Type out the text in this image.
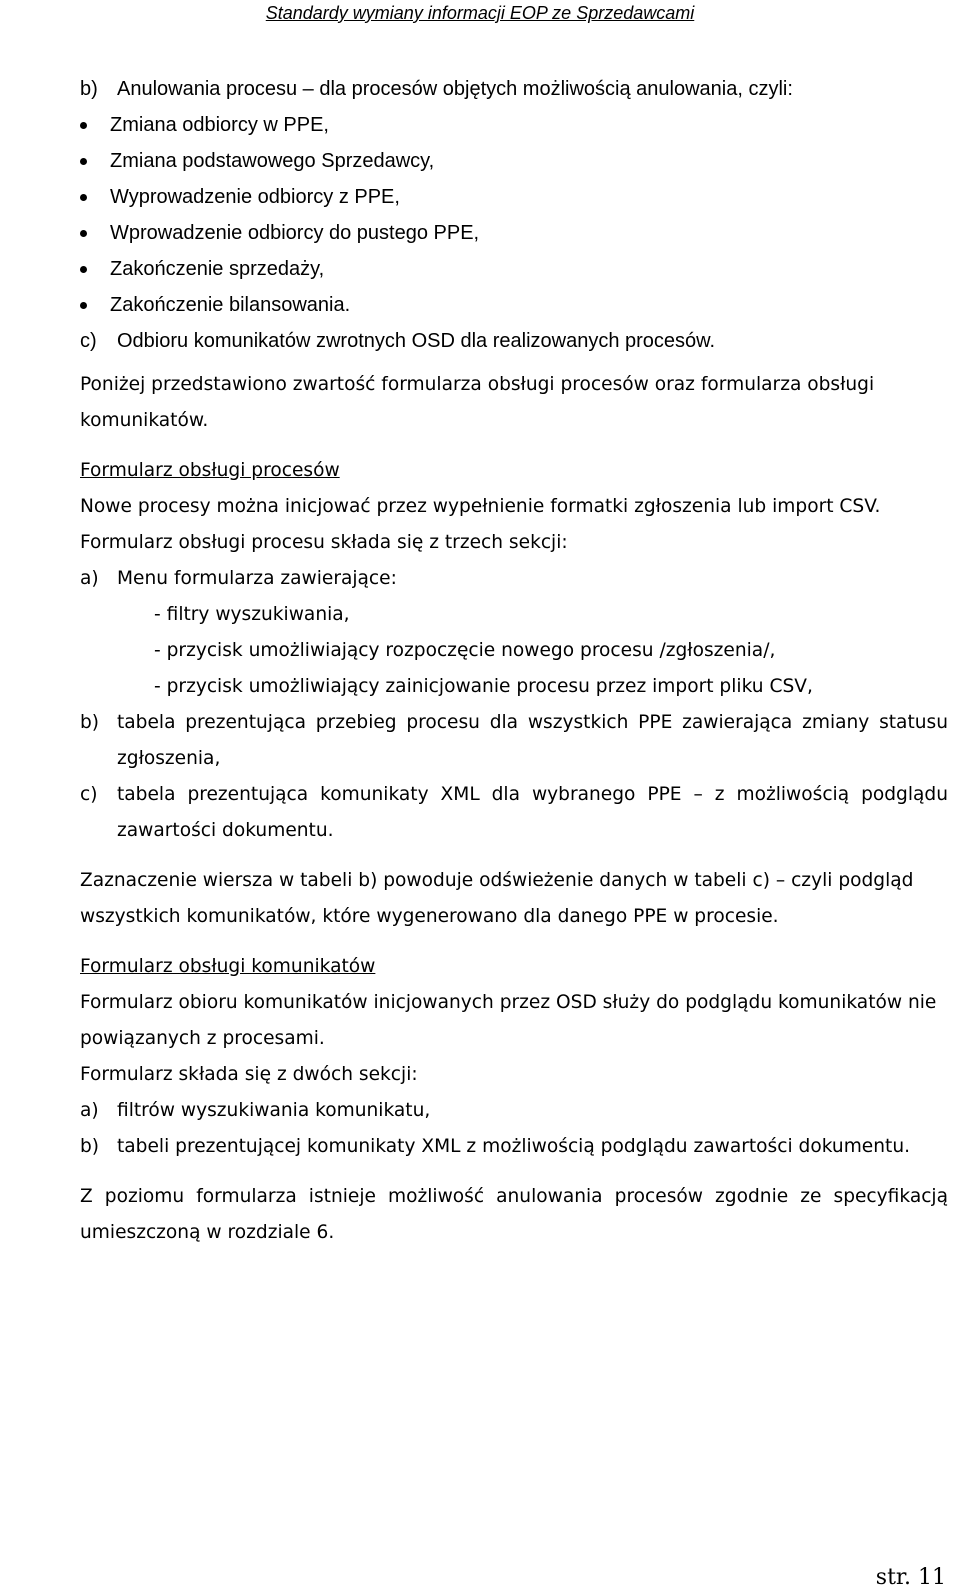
Standardy wymiany informacji EOP ze Sprzedawcami
b) Anulowania procesu – dla procesów objętych możliwością anulowania, czyli:
Zmiana odbiorcy w PPE,
Zmiana podstawowego Sprzedawcy,
Wyprowadzenie odbiorcy z PPE,
Wprowadzenie odbiorcy do pustego PPE,
Zakończenie sprzedaży,
Zakończenie bilansowania.
c)	Odbioru komunikatów zwrotnych OSD dla realizowanych procesów.

Poniżej przedstawiono zwartość formularza obsługi procesów oraz formularza obsługi komunikatów.

Formularz obsługi procesów

Nowe procesy można inicjować przez wypełnienie formatki zgłoszenia lub import CSV.

Formularz obsługi procesu składa się z trzech sekcji:

a) Menu formularza zawierające:

- filtry wyszukiwania,

- przycisk umożliwiający rozpoczęcie nowego procesu /zgłoszenia/,

- przycisk umożliwiający zainicjowanie procesu przez import pliku CSV,

b) tabela prezentująca przebieg procesu dla wszystkich PPE zawierająca zmiany statusu zgłoszenia,
c)	tabela prezentująca komunikaty XML dla wybranego PPE – z możliwością podglądu zawartości dokumentu.

Zaznaczenie wiersza w tabeli b) powoduje odświeżenie danych w tabeli c) – czyli podgląd wszystkich komunikatów, które wygenerowano dla danego PPE w procesie.

Formularz obsługi komunikatów

Formularz obioru komunikatów inicjowanych przez OSD służy do podglądu komunikatów nie powiązanych z procesami.

Formularz składa się z dwóch sekcji:

a) filtrów wyszukiwania komunikatu,
b) tabeli prezentującej komunikaty XML z możliwością podglądu zawartości dokumentu.

Z poziomu formularza istnieje możliwość anulowania procesów zgodnie ze specyfikacją umieszczoną w rozdziale 6.

str. 11
